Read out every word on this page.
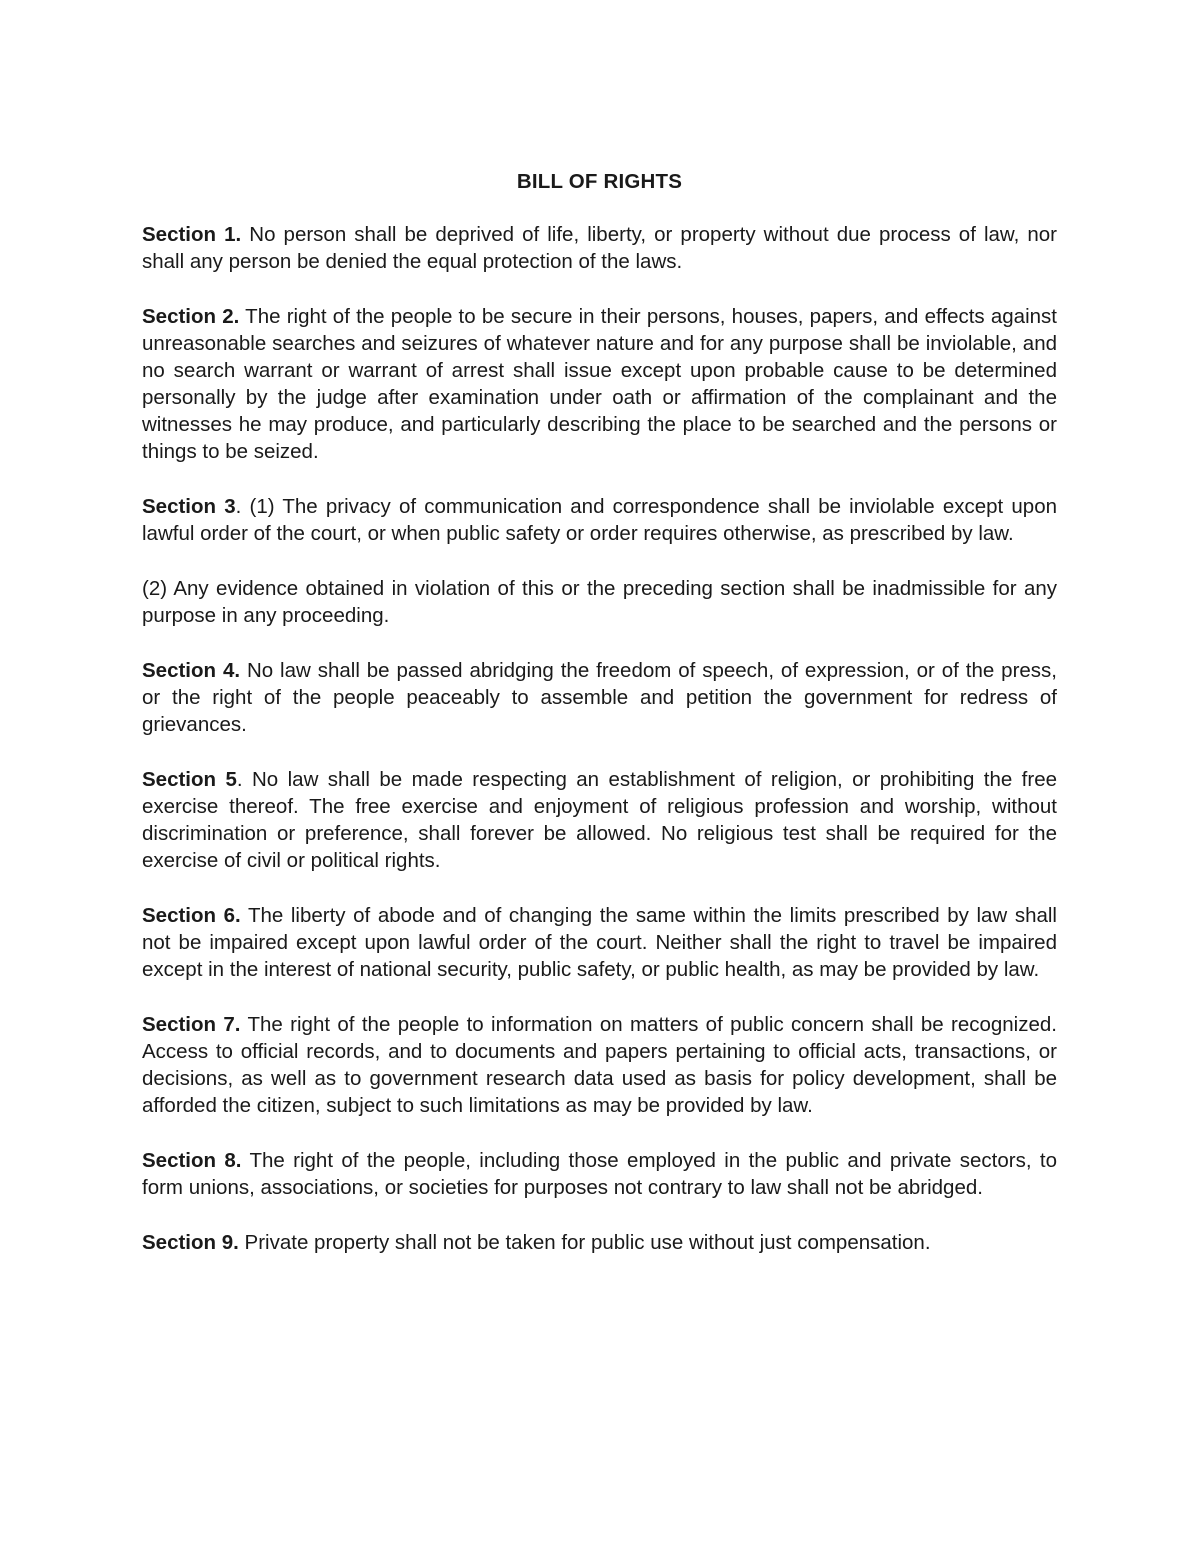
BILL OF RIGHTS

Section 1. No person shall be deprived of life, liberty, or property without due process of law, nor shall any person be denied the equal protection of the laws.

Section 2. The right of the people to be secure in their persons, houses, papers, and effects against unreasonable searches and seizures of whatever nature and for any purpose shall be inviolable, and no search warrant or warrant of arrest shall issue except upon probable cause to be determined personally by the judge after examination under oath or affirmation of the complainant and the witnesses he may produce, and particularly describing the place to be searched and the persons or things to be seized.

Section 3. (1) The privacy of communication and correspondence shall be inviolable except upon lawful order of the court, or when public safety or order requires otherwise, as prescribed by law.

(2) Any evidence obtained in violation of this or the preceding section shall be inadmissible for any purpose in any proceeding.

Section 4. No law shall be passed abridging the freedom of speech, of expression, or of the press, or the right of the people peaceably to assemble and petition the government for redress of grievances.

Section 5. No law shall be made respecting an establishment of religion, or prohibiting the free exercise thereof. The free exercise and enjoyment of religious profession and worship, without discrimination or preference, shall forever be allowed. No religious test shall be required for the exercise of civil or political rights.

Section 6. The liberty of abode and of changing the same within the limits prescribed by law shall not be impaired except upon lawful order of the court. Neither shall the right to travel be impaired except in the interest of national security, public safety, or public health, as may be provided by law.

Section 7. The right of the people to information on matters of public concern shall be recognized. Access to official records, and to documents and papers pertaining to official acts, transactions, or decisions, as well as to government research data used as basis for policy development, shall be afforded the citizen, subject to such limitations as may be provided by law.

Section 8. The right of the people, including those employed in the public and private sectors, to form unions, associations, or societies for purposes not contrary to law shall not be abridged.

Section 9. Private property shall not be taken for public use without just compensation.
